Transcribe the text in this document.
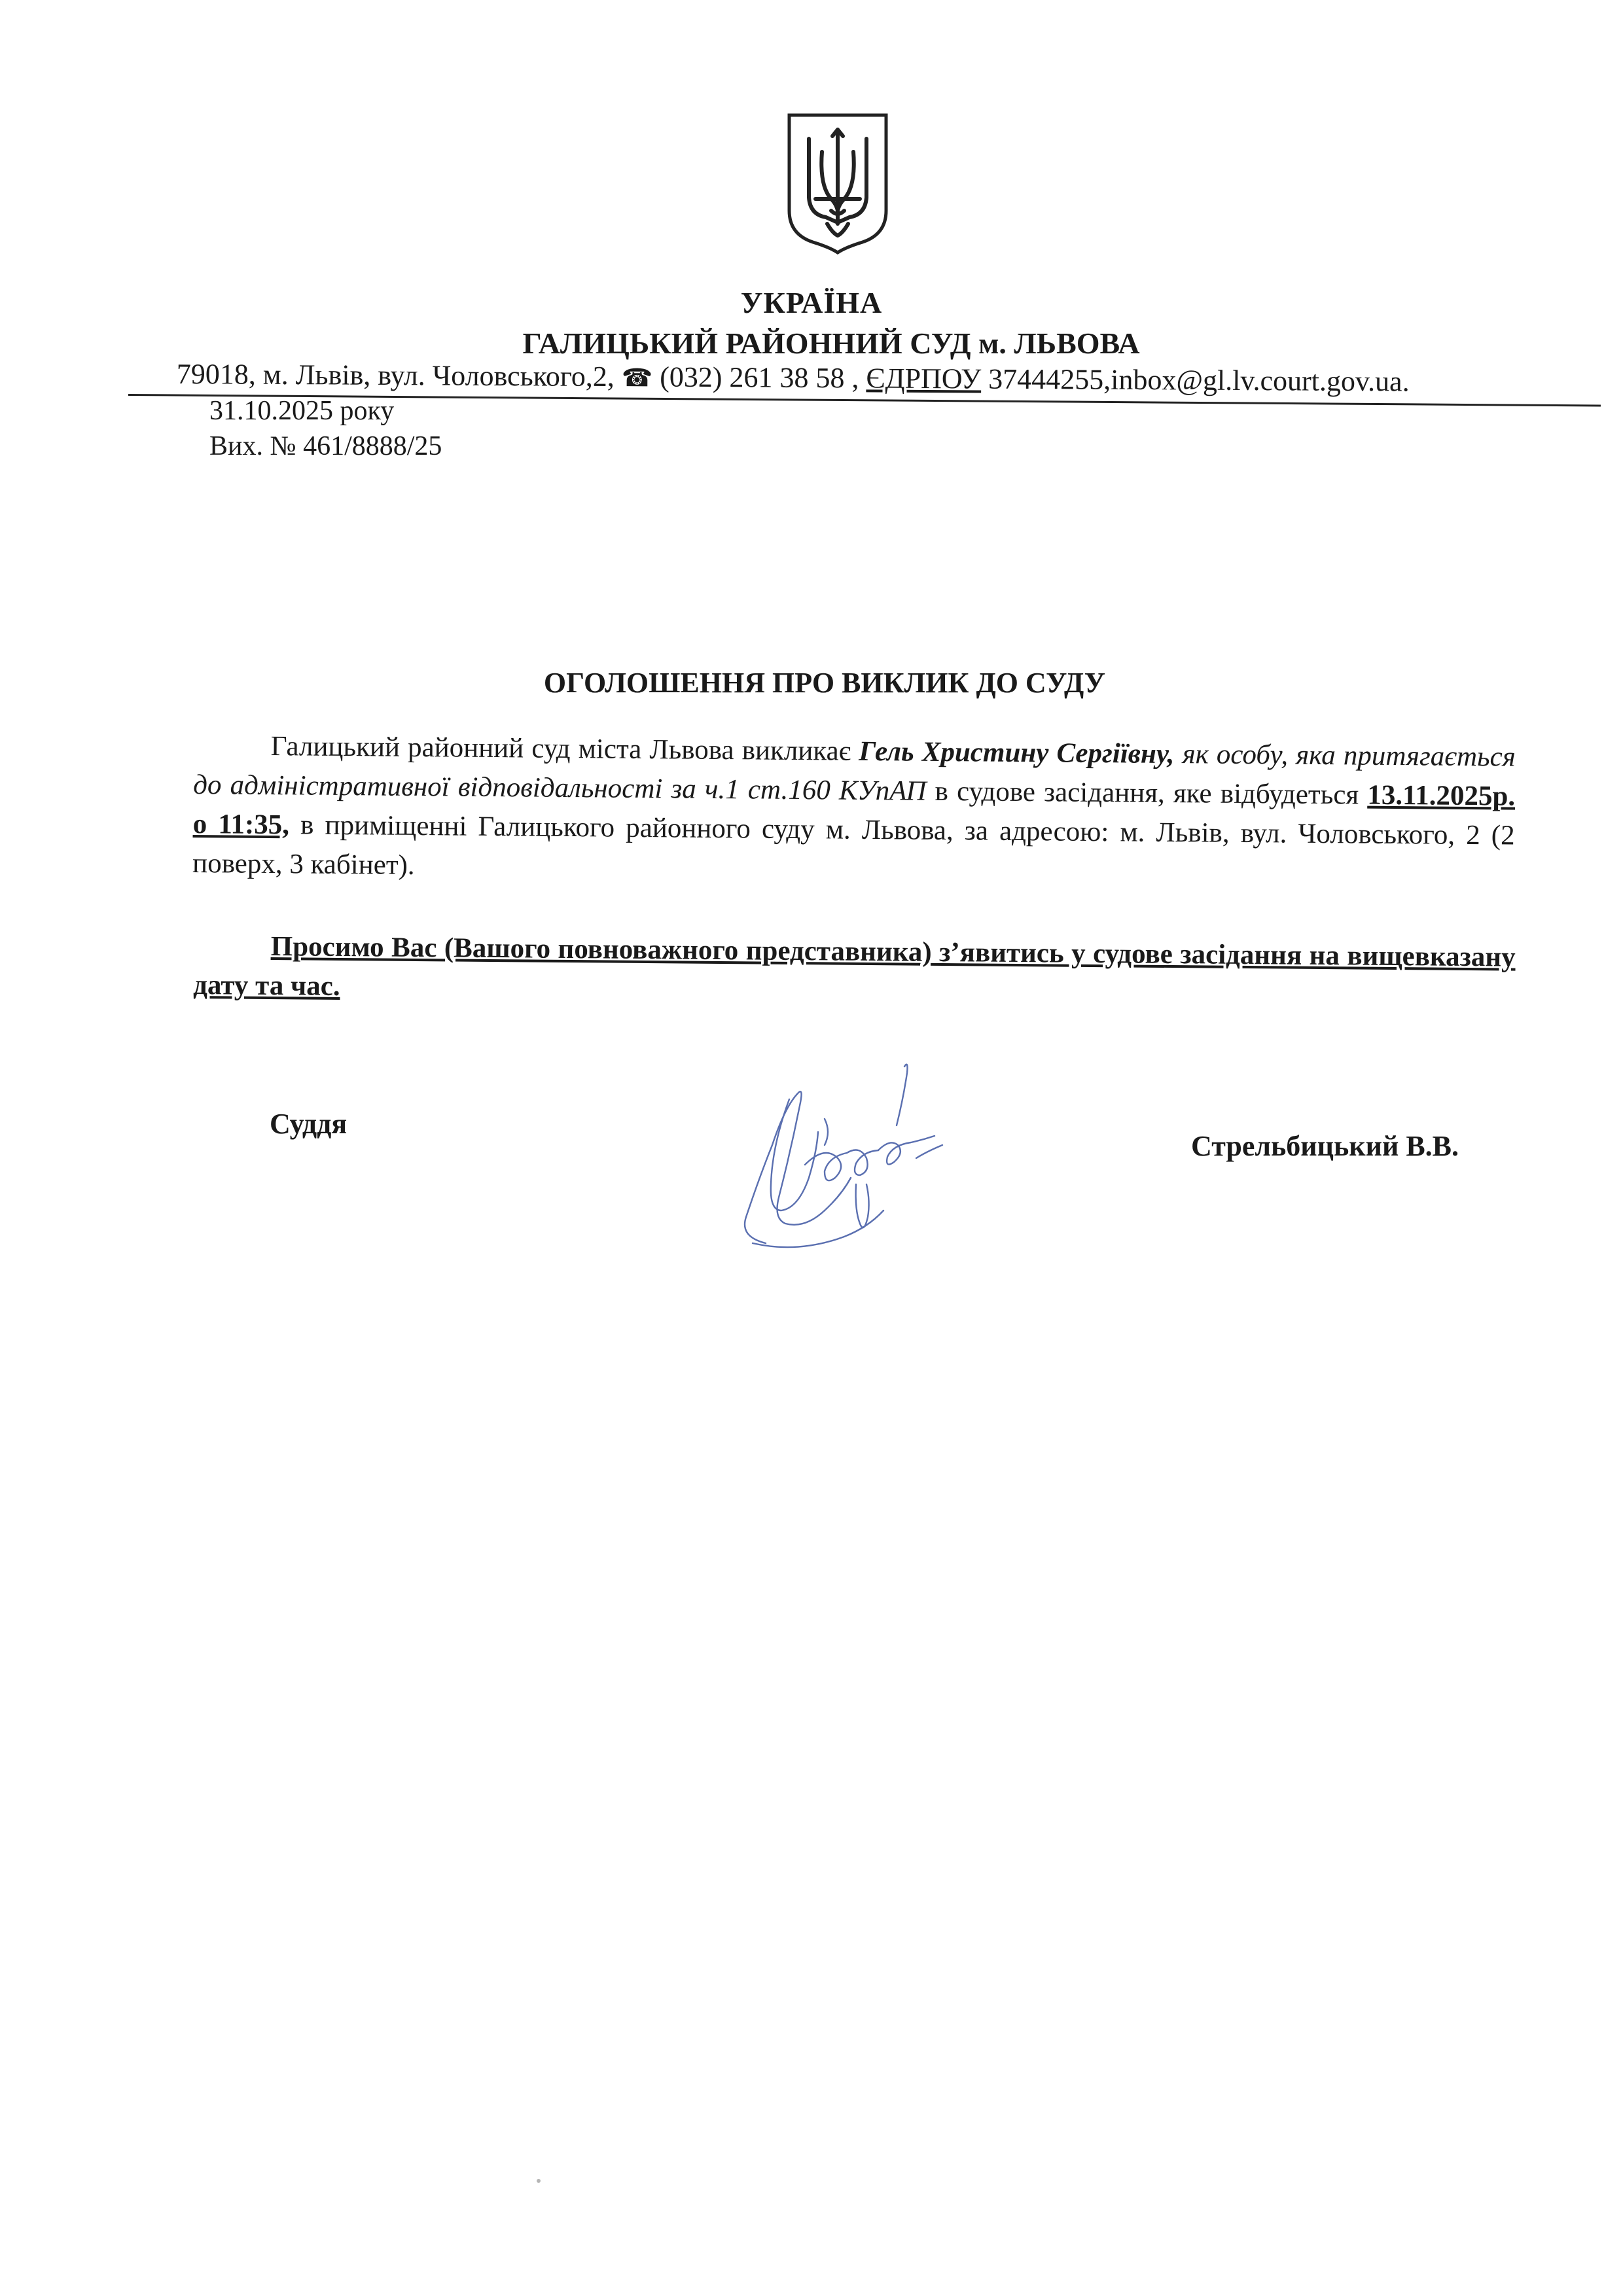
УКРАЇНА
ГАЛИЦЬКИЙ РАЙОННИЙ СУД м. ЛЬВОВА
79018, м. Львів, вул. Чоловського,2, ☎ (032) 261 38 58 , ЄДРПОУ 37444255,inbox@gl.lv.court.gov.ua.
31.10.2025 року
Вих. № 461/8888/25
ОГОЛОШЕННЯ ПРО ВИКЛИК ДО СУДУ
Галицький районний суд міста Львова викликає Гель Христину Сергіївну, як особу, яка притягається до адміністративної відповідальності за ч.1 ст.160 КУпАП в судове засідання, яке відбудеться 13.11.2025р. о 11:35, в приміщенні Галицького районного суду м. Львова, за адресою: м. Львів, вул. Чоловського, 2 (2 поверх, 3 кабінет).
Просимо Вас (Вашого повноважного представника) з’явитись у судове засідання на вищевказану дату та час.
Суддя
Стрельбицький В.В.
